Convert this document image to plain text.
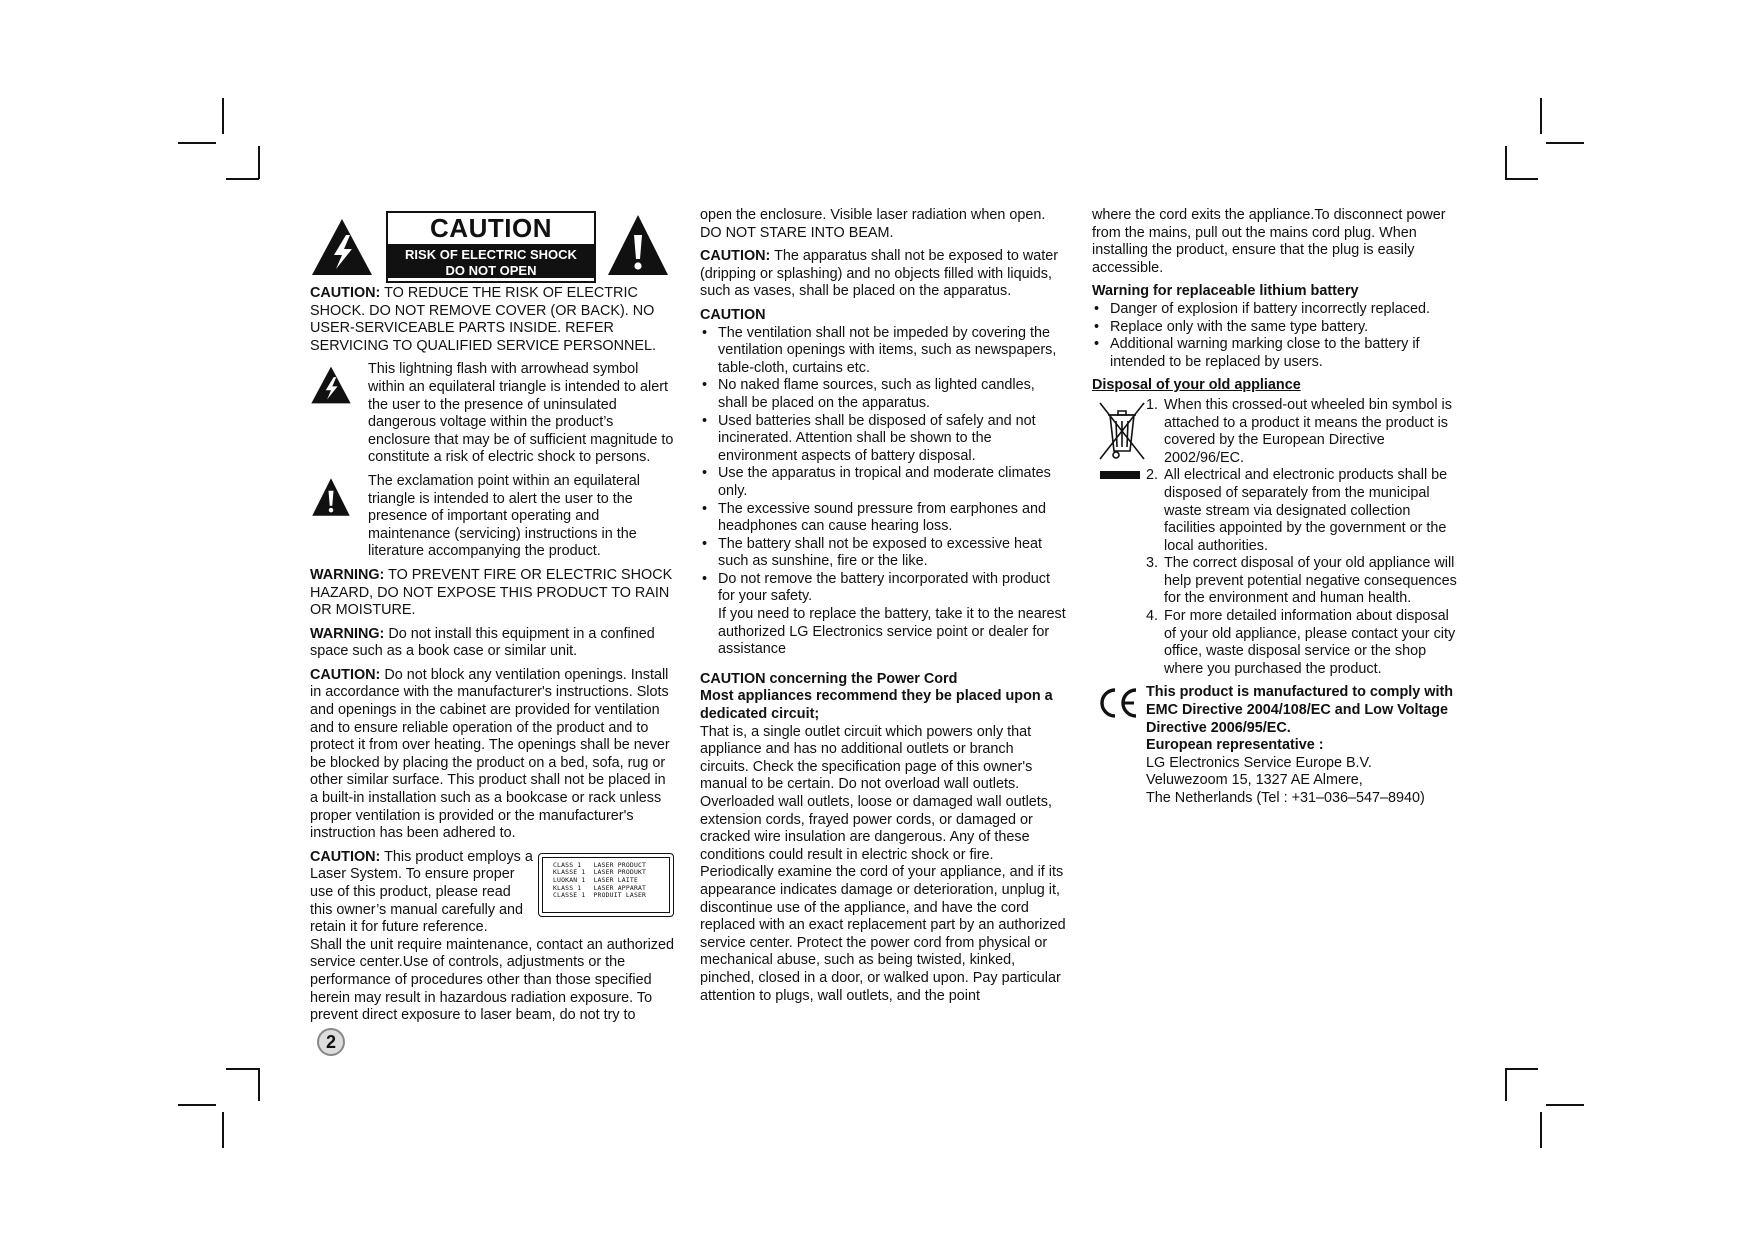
CAUTION
RISK OF ELECTRIC SHOCK
DO NOT OPEN

CAUTION: TO REDUCE THE RISK OF ELECTRIC SHOCK. DO NOT REMOVE COVER (OR BACK). NO USER-SERVICEABLE PARTS INSIDE. REFER SERVICING TO QUALIFIED SERVICE PERSONNEL.

This lightning flash with arrowhead symbol within an equilateral triangle is intended to alert the user to the presence of uninsulated dangerous voltage within the product’s enclosure that may be of sufficient magnitude to constitute a risk of electric shock to persons.
The exclamation point within an equilateral triangle is intended to alert the user to the presence of important operating and maintenance (servicing) instructions in the literature accompanying the product.

WARNING: TO PREVENT FIRE OR ELECTRIC SHOCK HAZARD, DO NOT EXPOSE THIS PRODUCT TO RAIN OR MOISTURE.

WARNING: Do not install this equipment in a confined space such as a book case or similar unit.

CAUTION: Do not block any ventilation openings. Install in accordance with the manufacturer's instructions. Slots and openings in the cabinet are provided for ventilation and to ensure reliable operation of the product and to protect it from over heating. The openings shall be never be blocked by placing the product on a bed, sofa, rug or other similar surface. This product shall not be placed in a built-in installation such as a bookcase or rack unless proper ventilation is provided or the manufacturer's instruction has been adhered to.

CLASS 1   LASER PRODUCT
KLASSE 1  LASER PRODUKT
LUOKAN 1  LASER LAITE
KLASS 1   LASER APPARAT
CLASSE 1  PRODUIT LASER

CAUTION: This product employs a Laser System. To ensure proper use of this product, please read this owner’s manual carefully and retain it for future reference.

Shall the unit require maintenance, contact an authorized service center.Use of controls, adjustments or the performance of procedures other than those specified herein may result in hazardous radiation exposure. To prevent direct exposure to laser beam, do not try to

2

open the enclosure. Visible laser radiation when open. DO NOT STARE INTO BEAM.

CAUTION: The apparatus shall not be exposed to water (dripping or splashing) and no objects filled with liquids, such as vases, shall be placed on the apparatus.

CAUTION
• The ventilation shall not be impeded by covering the ventilation openings with items, such as newspapers, table-cloth, curtains etc.
• No naked flame sources, such as lighted candles, shall be placed on the apparatus.
• Used batteries shall be disposed of safely and not incinerated. Attention shall be shown to the environment aspects of battery disposal.
• Use the apparatus in tropical and moderate climates only.
• The excessive sound pressure from earphones and headphones can cause hearing loss.
• The battery shall not be exposed to excessive heat such as sunshine, fire or the like.
• Do not remove the battery incorporated with product for your safety.
If you need to replace the battery, take it to the nearest authorized LG Electronics service point or dealer for assistance
CAUTION concerning the Power Cord
Most appliances recommend they be placed upon a dedicated circuit;

That is, a single outlet circuit which powers only that appliance and has no additional outlets or branch circuits. Check the specification page of this owner's manual to be certain. Do not overload wall outlets. Overloaded wall outlets, loose or damaged wall outlets, extension cords, frayed power cords, or damaged or cracked wire insulation are dangerous. Any of these conditions could result in electric shock or fire. Periodically examine the cord of your appliance, and if its appearance indicates damage or deterioration, unplug it, discontinue use of the appliance, and have the cord replaced with an exact replacement part by an authorized service center. Protect the power cord from physical or mechanical abuse, such as being twisted, kinked, pinched, closed in a door, or walked upon. Pay particular attention to plugs, wall outlets, and the point

where the cord exits the appliance.To disconnect power from the mains, pull out the mains cord plug. When installing the product, ensure that the plug is easily accessible.

Warning for replaceable lithium battery
• Danger of explosion if battery incorrectly replaced.
• Replace only with the same type battery.
• Additional warning marking close to the battery if intended to be replaced by users.
Disposal of your old appliance
1. When this crossed-out wheeled bin symbol is attached to a product it means the product is covered by the European Directive 2002/96/EC.
2. All electrical and electronic products shall be disposed of separately from the municipal waste stream via designated collection facilities appointed by the government or the local authorities.
3. The correct disposal of your old appliance will help prevent potential negative consequences for the environment and human health.
4. For more detailed information about disposal of your old appliance, please contact your city office, waste disposal service or the shop where you purchased the product.
This product is manufactured to comply with EMC Directive 2004/108/EC and Low Voltage Directive 2006/95/EC.
European representative :
LG Electronics Service Europe B.V.
Veluwezoom 15, 1327 AE Almere,
The Netherlands (Tel : +31–036–547–8940)
